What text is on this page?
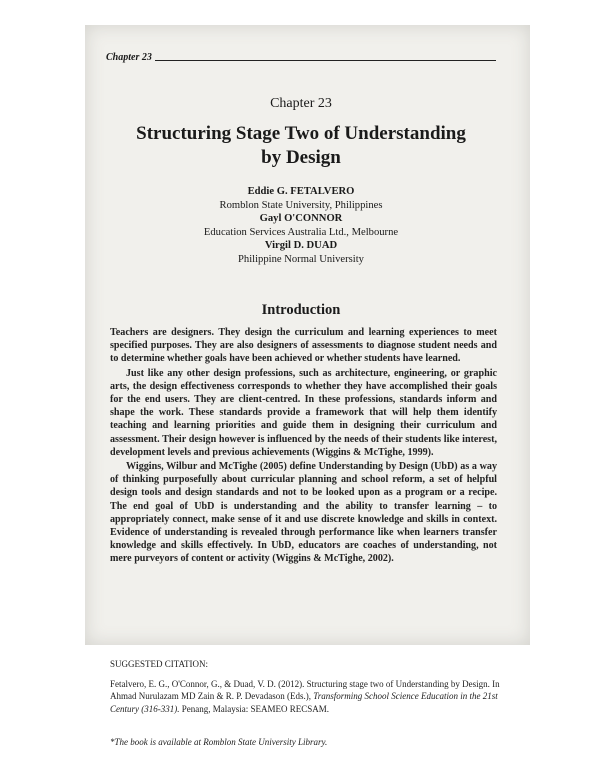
Chapter 23
Chapter 23
Structuring Stage Two of Understanding
by Design
Eddie G. FETALVERO
Romblon State University, Philippines
Gayl O'CONNOR
Education Services Australia Ltd., Melbourne
Virgil D. DUAD
Philippine Normal University
Introduction

Teachers are designers. They design the curriculum and learning experiences to meet specified purposes. They are also designers of assessments to diagnose student needs and to determine whether goals have been achieved or whether students have learned.

Just like any other design professions, such as architecture, engineering, or graphic arts, the design effectiveness corresponds to whether they have accomplished their goals for the end users. They are client-centred. In these professions, standards inform and shape the work. These standards provide a framework that will help them identify teaching and learning priorities and guide them in designing their curriculum and assessment. Their design however is influenced by the needs of their students like interest, development levels and previous achievements (Wiggins & McTighe, 1999).

Wiggins, Wilbur and McTighe (2005) define Understanding by Design (UbD) as a way of thinking purposefully about curricular planning and school reform, a set of helpful design tools and design standards and not to be looked upon as a program or a recipe. The end goal of UbD is understanding and the ability to transfer learning – to appropriately connect, make sense of it and use discrete knowledge and skills in context. Evidence of understanding is revealed through performance like when learners transfer knowledge and skills effectively. In UbD, educators are coaches of understanding, not mere purveyors of content or activity (Wiggins & McTighe, 2002).

SUGGESTED CITATION:
Fetalvero, E. G., O'Connor, G., & Duad, V. D. (2012). Structuring stage two of Understanding by Design. In Ahmad Nurulazam MD Zain & R. P. Devadason (Eds.), Transforming School Science Education in the 21st Century (316-331). Penang, Malaysia: SEAMEO RECSAM.
*The book is available at Romblon State University Library.
